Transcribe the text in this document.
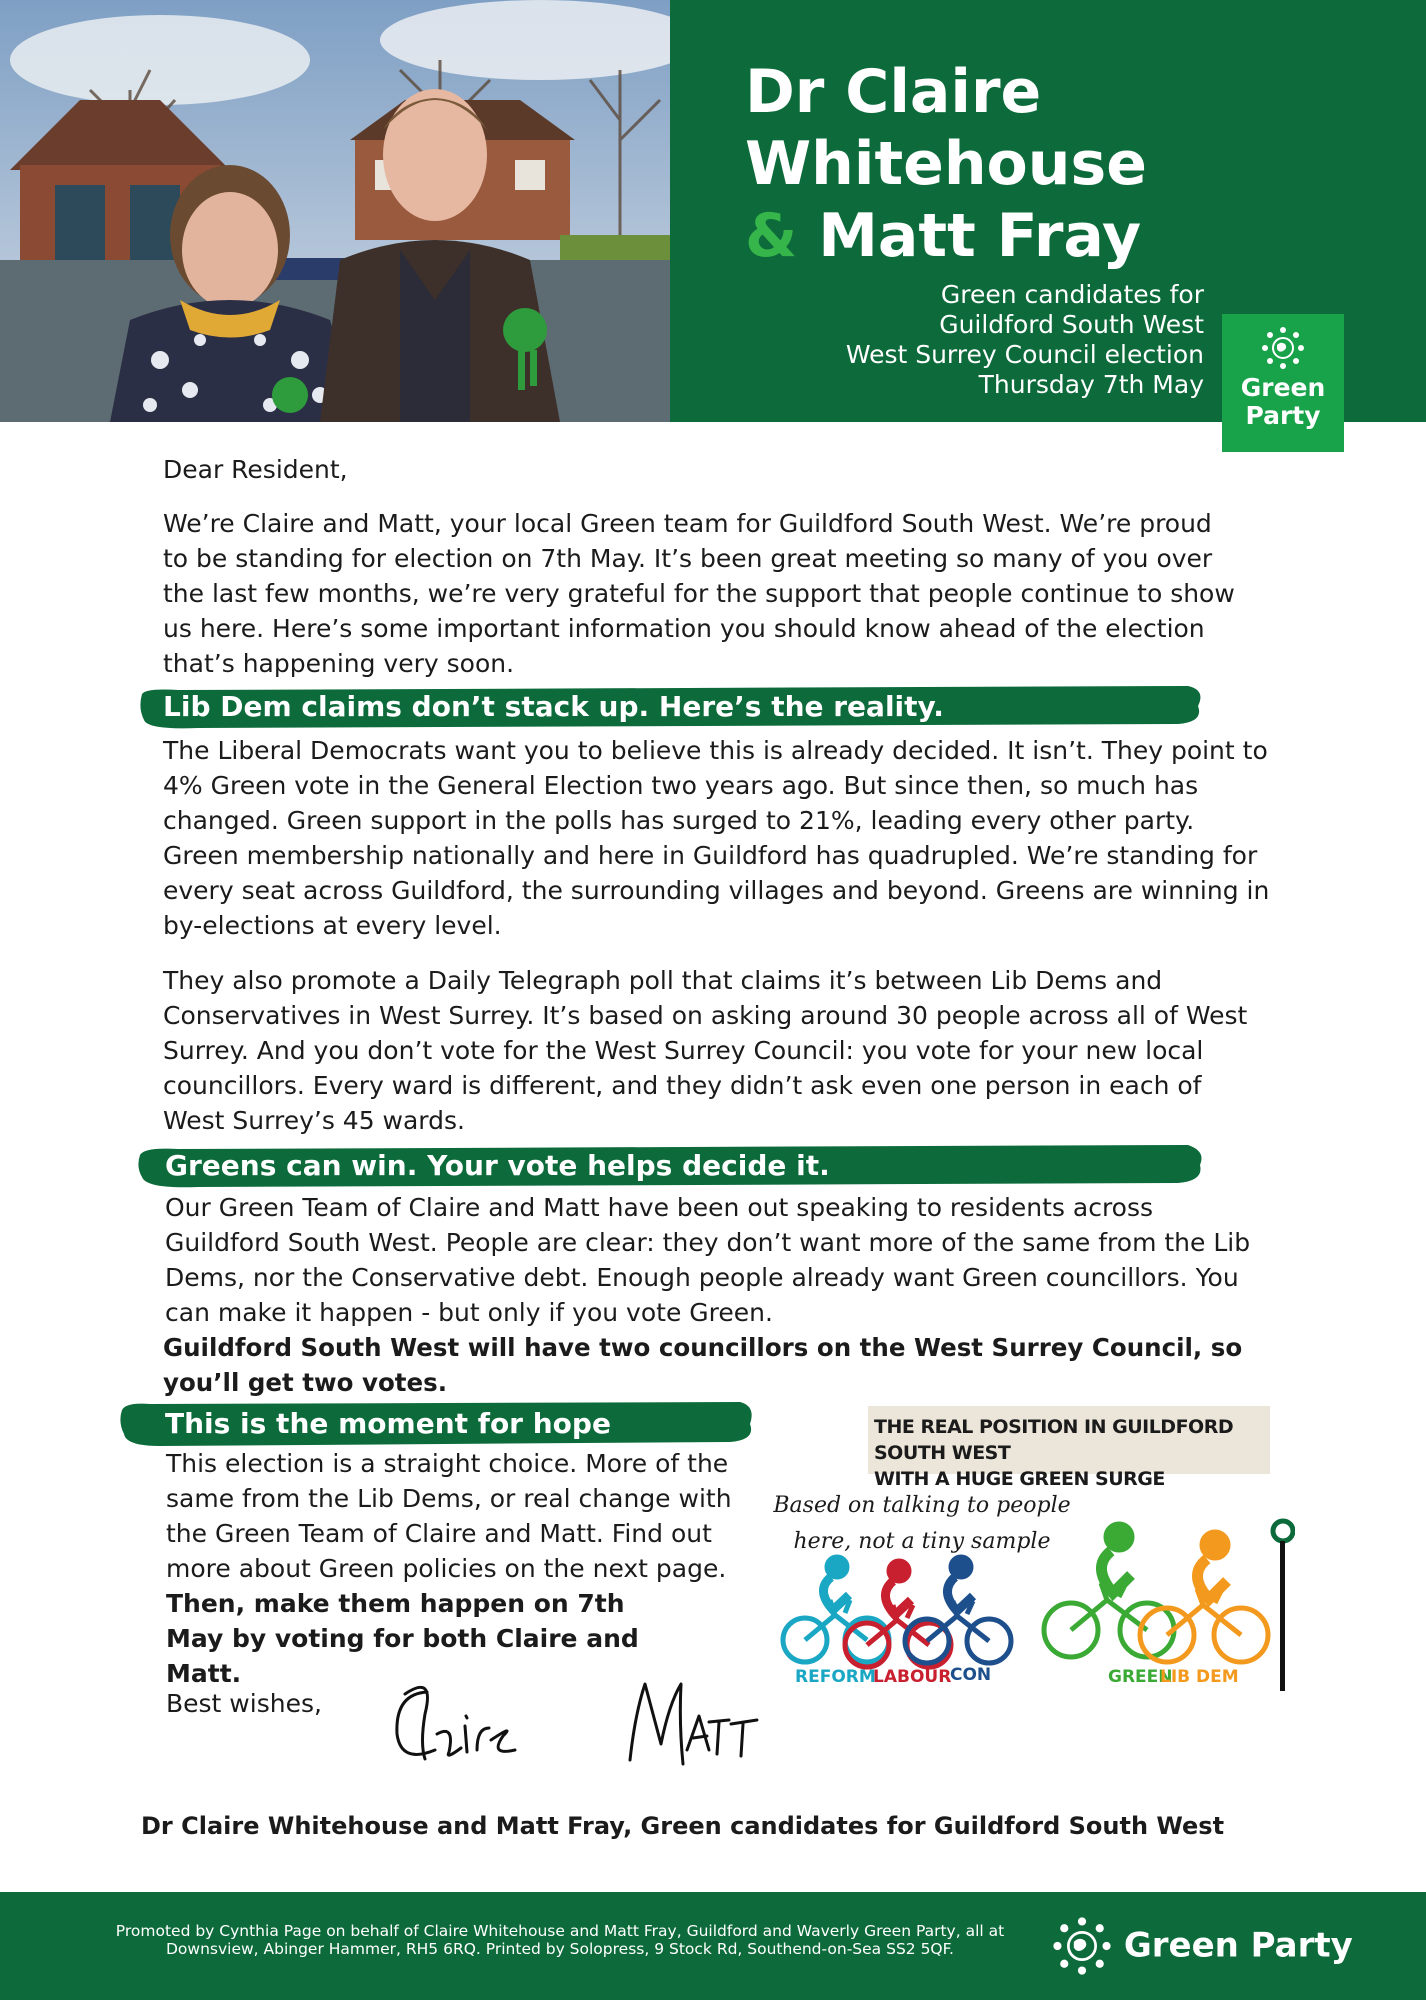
Dr Claire Whitehouse
& Matt Fray
Green candidates for
Guildford South West
West Surrey Council election
Thursday 7th May	Green
Party
Dear Resident,
We’re Claire and Matt, your local Green team for Guildford South West. We’re proud to be standing for election on 7th May. It’s been great meeting so many of you over the last few months, we’re very grateful for the support that people continue to show us here. Here’s some important information you should know ahead of the election that’s happening very soon.
Lib Dem claims don’t stack up. Here’s the reality.
The Liberal Democrats want you to believe this is already decided. It isn’t. They point to 4% Green vote in the General Election two years ago. But since then, so much has changed. Green support in the polls has surged to 21%, leading every other party. Green membership nationally and here in Guildford has quadrupled. We’re standing for every seat across Guildford, the surrounding villages and beyond. Greens are winning in by-elections at every level.
They also promote a Daily Telegraph poll that claims it’s between Lib Dems and Conservatives in West Surrey. It’s based on asking around 30 people across all of West Surrey. And you don’t vote for the West Surrey Council: you vote for your new local councillors. Every ward is different, and they didn’t ask even one person in each of West Surrey’s 45 wards.
Greens can win. Your vote helps decide it.
Our Green Team of Claire and Matt have been out speaking to residents across Guildford South West. People are clear: they don’t want more of the same from the Lib Dems, nor the Conservative debt. Enough people already want Green councillors. You can make it happen - but only if you vote Green.
Guildford South West will have two councillors on the West Surrey Council, so you’ll get two votes.
This is the moment for hope
This election is a straight choice. More of the same from the Lib Dems, or real change with the Green Team of Claire and Matt. Find out more about Green policies on the next page.
Then, make them happen on 7th May by voting for both Claire and Matt.
Best wishes,
Dr Claire Whitehouse and Matt Fray, Green candidates for Guildford South West
THE REAL POSITION IN GUILDFORD SOUTH WEST
WITH A HUGE GREEN SURGE
Based on talking to people
here, not a tiny sample
REFORM
LABOUR
CON	GREEN
LIB DEM
Promoted by Cynthia Page on behalf of Claire Whitehouse and Matt Fray, Guildford and Waverly Green Party, all at
Downsview, Abinger Hammer, RH5 6RQ. Printed by Solopress, 9 Stock Rd, Southend-on-Sea SS2 5QF.	Green Party
